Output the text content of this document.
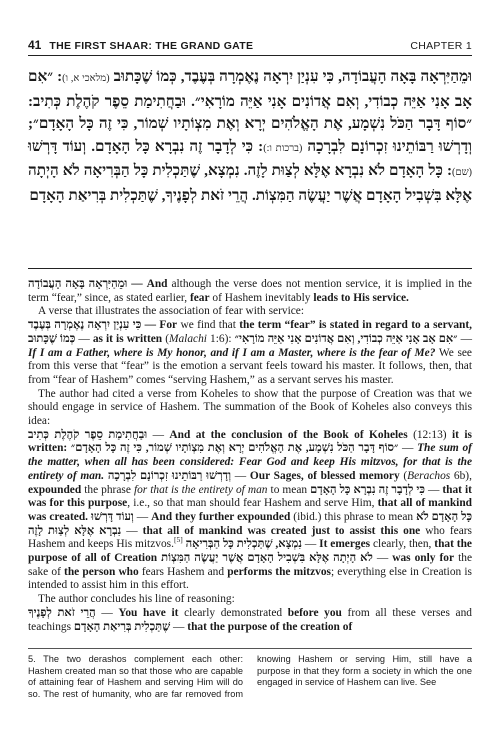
41 THE FIRST SHAAR: THE GRAND GATE	CHAPTER 1

וּמֵהַיִּרְאָה בָּאָה הָעֲבוֹדָה, כִּי עִנְיַן יִרְאָה נֶאֶמְרָה בְּעֶבֶד, כְּמוֹ שֶׁכָּתוּב (מלאכי א, ו): ״אִם אָב אָנִי אַיֵּה כְבוֹדִי, וְאִם אֲדוֹנִים אָנִי אַיֵּה מוֹרָאִי״. וּבַחֲתִימַת סֵפֶר קֹהֶלֶת כְּתִיב: ״סוֹף דָּבָר הַכֹּל נִשְׁמָע, אֶת הָאֱלֹהִים יְרָא וְאֶת מִצְוֹתָיו שְׁמוֹר, כִּי זֶה כָּל הָאָדָם״; וְדָרְשׁוּ רַבּוֹתֵינוּ זִכְרוֹנָם לִבְרָכָה (ברכות ו:): כִּי לְדָבָר זֶה נִבְרָא כָּל הָאָדָם. וְעוֹד דָּרְשׁוּ (שם): כָּל הָאָדָם לֹא נִבְרָא אֶלָּא לְצַוּת לָזֶה. נִמְצָא, שֶׁתַּכְלִית כָּל הַבְּרִיאָה לֹא הָיְתָה אֶלָּא בִּשְׁבִיל הָאָדָם אֲשֶׁר יַעֲשֶׂה הַמִּצְוֹת. הֲרֵי זֹאת לְפָנֶיךָ, שֶׁתַּכְלִית בְּרִיאַת הָאָדָם

וּמֵהַיִּרְאָה בָּאָה הָעֲבוֹדָה — And although the verse does not mention service, it is implied in the term “fear,” since, as stated earlier, fear of Hashem inevitably leads to His service.

A verse that illustrates the association of fear with service:

כִּי עִנְיַן יִרְאָה נֶאֶמְרָה בְּעֶבֶד — For we find that the term “fear” is stated in regard to a servant, כְּמוֹ שֶׁכָּתוּב — as it is written (Malachi 1:6): ״אִם אָב אָנִי אַיֵּה כְבוֹדִי, וְאִם אֲדוֹנִים אָנִי אַיֵּה מוֹרָאִי״ — If I am a Father, where is My honor, and if I am a Master, where is the fear of Me? We see from this verse that “fear” is the emotion a servant feels toward his master. It follows, then, that from “fear of Hashem” comes “serving Hashem,” as a servant serves his master.

The author had cited a verse from Koheles to show that the purpose of Creation was that we should engage in service of Hashem. The summation of the Book of Koheles also conveys this idea:

וּבַחֲתִימַת סֵפֶר קֹהֶלֶת כְּתִיב — And at the conclusion of the Book of Koheles (12:13) it is written: ״סוֹף דָּבָר הַכֹּל נִשְׁמָע, אֶת הָאֱלֹהִים יְרָא וְאֶת מִצְוֹתָיו שְׁמוֹר, כִּי זֶה כָּל הָאָדָם״ — The sum of the matter, when all has been considered: Fear God and keep His mitzvos, for that is the entirety of man. וְדָרְשׁוּ רַבּוֹתֵינוּ זִכְרוֹנָם לִבְרָכָה — Our Sages, of blessed memory (Berachos 6b), expounded the phrase for that is the entirety of man to mean כִּי לְדָבָר זֶה נִבְרָא כָּל הָאָדָם — that it was for this purpose, i.e., so that man should fear Hashem and serve Him, that all of mankind was created. וְעוֹד דָּרְשׁוּ — And they further expounded (ibid.) this phrase to mean כָּל הָאָדָם לֹא נִבְרָא אֶלָּא לְצַוּת לָזֶה — that all of mankind was created just to assist this one who fears Hashem and keeps His mitzvos.[5] נִמְצָא, שֶׁתַּכְלִית כָּל הַבְּרִיאָה — It emerges clearly, then, that the purpose of all of Creation לֹא הָיְתָה אֶלָּא בִּשְׁבִיל הָאָדָם אֲשֶׁר יַעֲשֶׂה הַמִּצְוֹת — was only for the sake of the person who fears Hashem and performs the mitzvos; everything else in Creation is intended to assist him in this effort.

The author concludes his line of reasoning:

הֲרֵי זֹאת לְפָנֶיךָ — You have it clearly demonstrated before you from all these verses and teachings שֶׁתַּכְלִית בְּרִיאַת הָאָדָם — that the purpose of the creation of

5. The two derashos complement each other: Hashem created man so that those who are capable of attaining fear of Hashem and serving Him will do so. The rest of humanity, who are far removed from knowing Hashem or serving Him, still have a purpose in that they form a society in which the one engaged in service of Hashem can live. See
